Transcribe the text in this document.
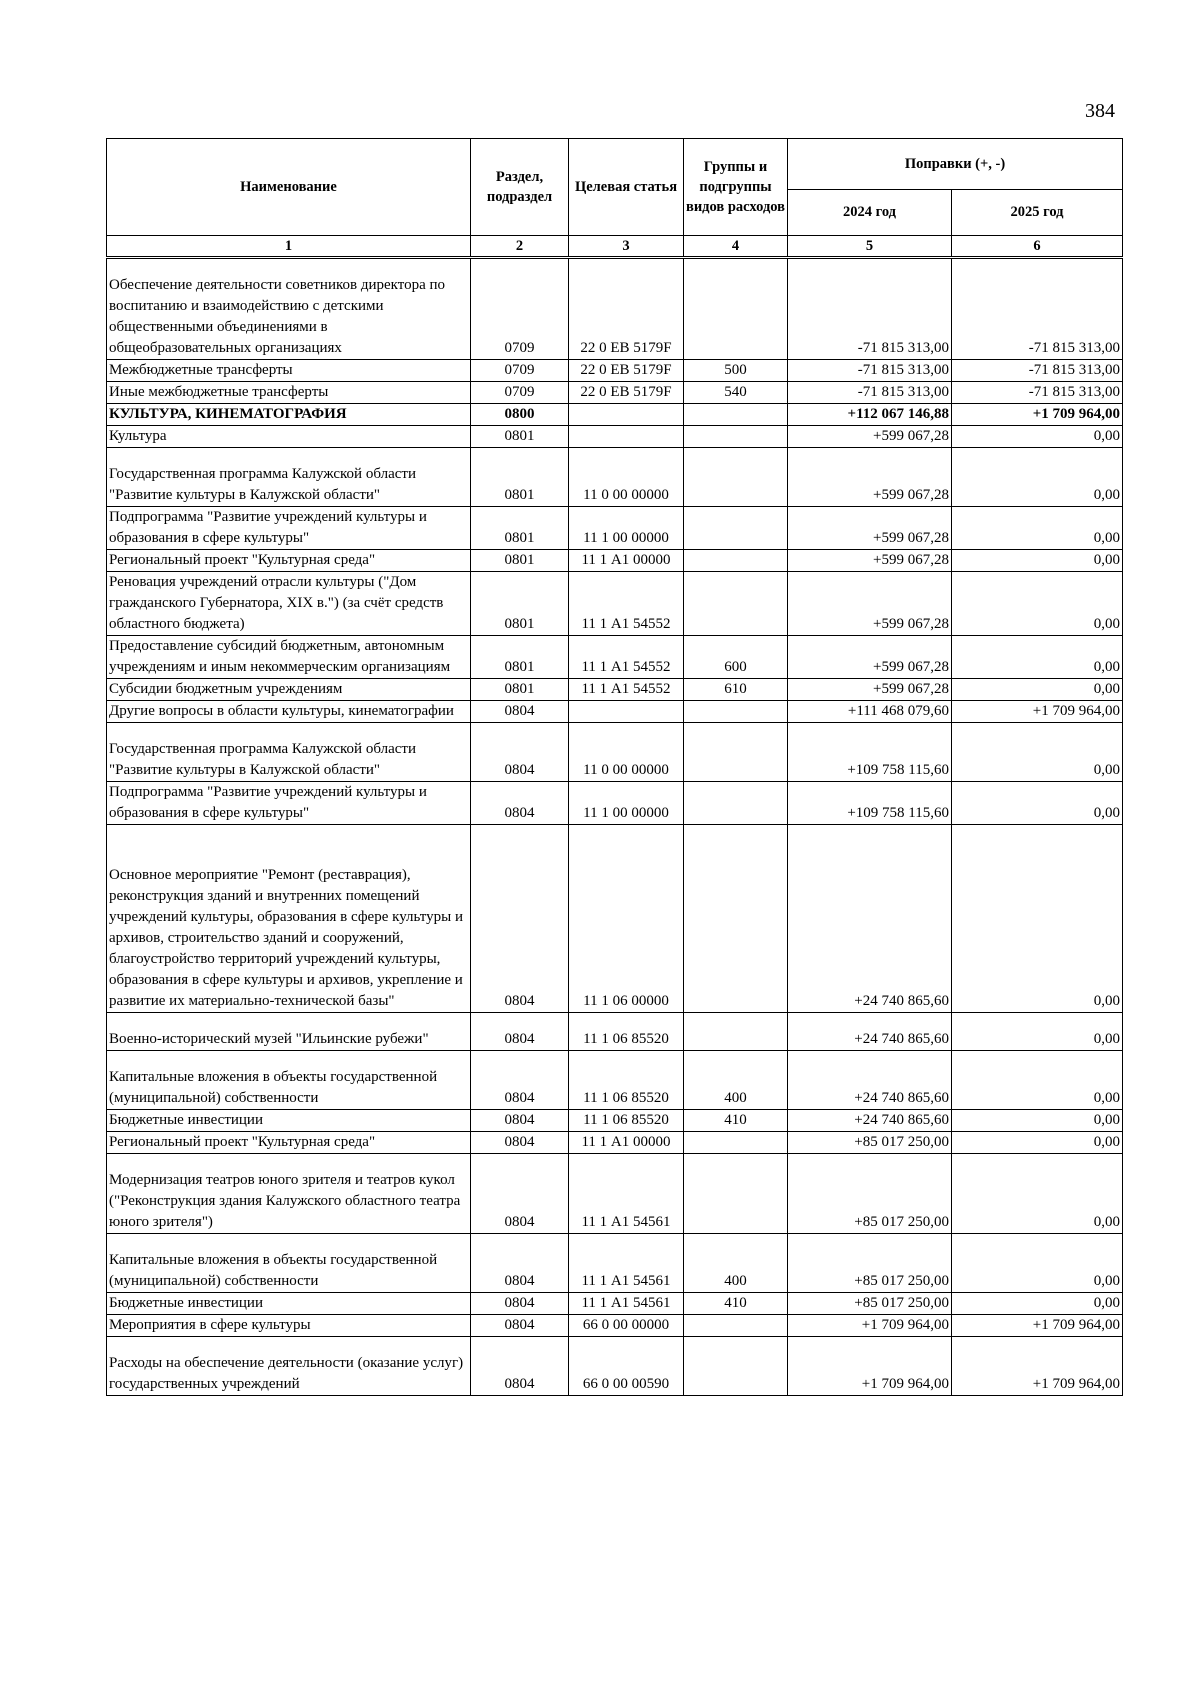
384
Наименование	Раздел, подраздел	Целевая статья	Группы и подгруппы видов расходов	Поправки (+, -)	
				2024 год	2025 год
1	2	3	4	5	6
Обеспечение деятельности советников директора по воспитанию и взаимодействию с детскими общественными объединениями в общеобразовательных организациях	0709	22 0 ЕВ 5179F		-71 815 313,00	-71 815 313,00
Межбюджетные трансферты	0709	22 0 ЕВ 5179F	500	-71 815 313,00	-71 815 313,00
Иные межбюджетные трансферты	0709	22 0 ЕВ 5179F	540	-71 815 313,00	-71 815 313,00
КУЛЬТУРА, КИНЕМАТОГРАФИЯ	0800			+112 067 146,88	+1 709 964,00
Культура	0801			+599 067,28	0,00
Государственная программа Калужской области "Развитие культуры в Калужской области"	0801	11 0 00 00000		+599 067,28	0,00
Подпрограмма "Развитие учреждений культуры и образования в сфере культуры"	0801	11 1 00 00000		+599 067,28	0,00
Региональный проект "Культурная среда"	0801	11 1 А1 00000		+599 067,28	0,00
Реновация учреждений отрасли культуры ("Дом гражданского Губернатора, XIX в.") (за счёт средств областного бюджета)	0801	11 1 А1 54552		+599 067,28	0,00
Предоставление субсидий бюджетным, автономным учреждениям и иным некоммерческим организациям	0801	11 1 А1 54552	600	+599 067,28	0,00
Субсидии бюджетным учреждениям	0801	11 1 А1 54552	610	+599 067,28	0,00
Другие вопросы в области культуры, кинематографии	0804			+111 468 079,60	+1 709 964,00
Государственная программа Калужской области "Развитие культуры в Калужской области"	0804	11 0 00 00000		+109 758 115,60	0,00
Подпрограмма "Развитие учреждений культуры и образования в сфере культуры"	0804	11 1 00 00000		+109 758 115,60	0,00
Основное мероприятие "Ремонт (реставрация), реконструкция зданий и внутренних помещений учреждений культуры, образования в сфере культуры и архивов, строительство зданий и сооружений, благоустройство территорий учреждений культуры, образования в сфере культуры и архивов, укрепление и развитие их материально-технической базы"	0804	11 1 06 00000		+24 740 865,60	0,00
Военно-исторический музей "Ильинские рубежи"	0804	11 1 06 85520		+24 740 865,60	0,00
Капитальные вложения в объекты государственной (муниципальной) собственности	0804	11 1 06 85520	400	+24 740 865,60	0,00
Бюджетные инвестиции	0804	11 1 06 85520	410	+24 740 865,60	0,00
Региональный проект "Культурная среда"	0804	11 1 А1 00000		+85 017 250,00	0,00
Модернизация театров юного зрителя и театров кукол ("Реконструкция здания Калужского областного театра юного зрителя")	0804	11 1 А1 54561		+85 017 250,00	0,00
Капитальные вложения в объекты государственной (муниципальной) собственности	0804	11 1 А1 54561	400	+85 017 250,00	0,00
Бюджетные инвестиции	0804	11 1 А1 54561	410	+85 017 250,00	0,00
Мероприятия в сфере культуры	0804	66 0 00 00000		+1 709 964,00	+1 709 964,00
Расходы на обеспечение деятельности (оказание услуг) государственных учреждений	0804	66 0 00 00590		+1 709 964,00	+1 709 964,00
